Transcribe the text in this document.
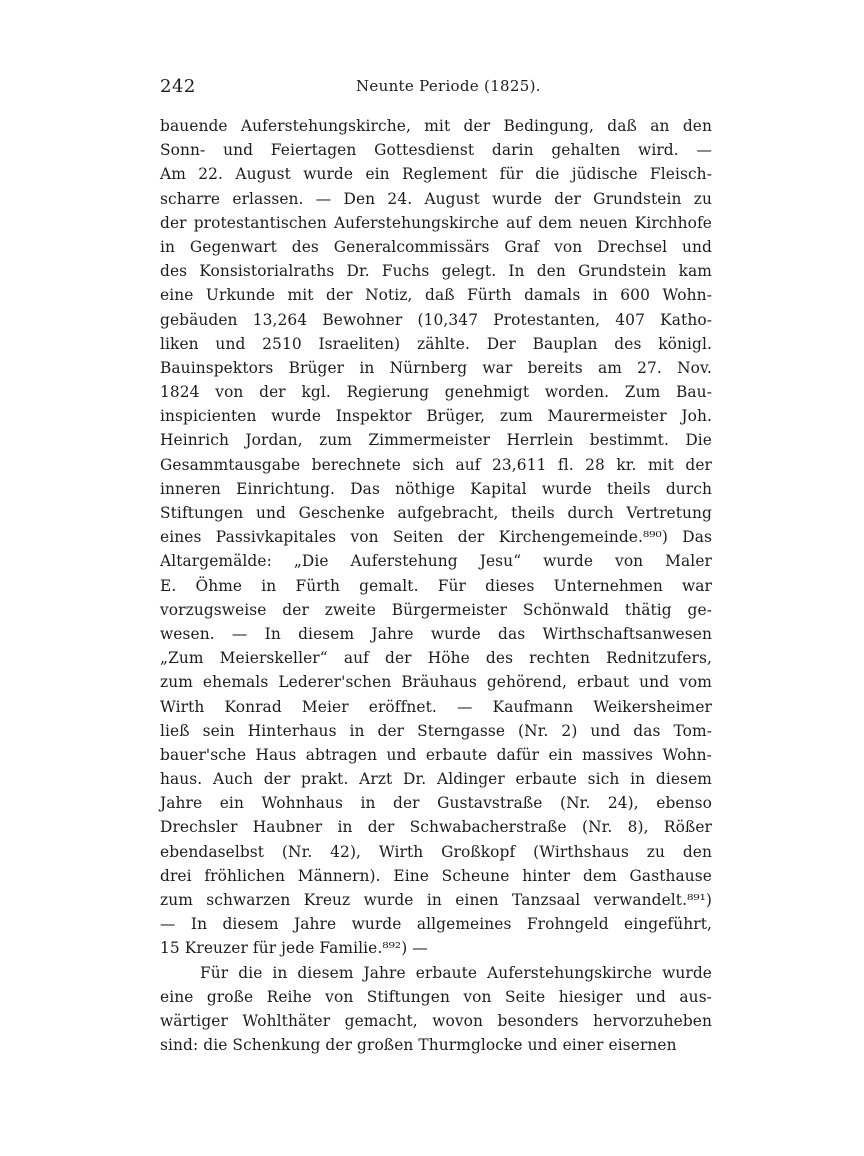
242	Neunte Periode (1825).
bauende Auferstehungskirche, mit der Bedingung, daß an den
Sonn- und Feiertagen Gottesdienst darin gehalten wird. —
Am 22. August wurde ein Reglement für die jüdische Fleisch-
scharre erlassen. — Den 24. August wurde der Grundstein zu
der protestantischen Auferstehungskirche auf dem neuen Kirchhofe
in Gegenwart des Generalcommissärs Graf von Drechsel und
des Konsistorialraths Dr. Fuchs gelegt. In den Grundstein kam
eine Urkunde mit der Notiz, daß Fürth damals in 600 Wohn-
gebäuden 13,264 Bewohner (10,347 Protestanten, 407 Katho-
liken und 2510 Israeliten) zählte. Der Bauplan des königl.
Bauinspektors Brüger in Nürnberg war bereits am 27. Nov.
1824 von der kgl. Regierung genehmigt worden. Zum Bau-
inspicienten wurde Inspektor Brüger, zum Maurermeister Joh.
Heinrich Jordan, zum Zimmermeister Herrlein bestimmt. Die
Gesammtausgabe berechnete sich auf 23,611 fl. 28 kr. mit der
inneren Einrichtung. Das nöthige Kapital wurde theils durch
Stiftungen und Geschenke aufgebracht, theils durch Vertretung
eines Passivkapitales von Seiten der Kirchengemeinde.⁸⁹⁰) Das
Altargemälde: „Die Auferstehung Jesu“ wurde von Maler
E. Öhme in Fürth gemalt. Für dieses Unternehmen war
vorzugsweise der zweite Bürgermeister Schönwald thätig ge-
wesen. — In diesem Jahre wurde das Wirthschaftsanwesen
„Zum Meierskeller“ auf der Höhe des rechten Rednitzufers,
zum ehemals Lederer'schen Bräuhaus gehörend, erbaut und vom
Wirth Konrad Meier eröffnet. — Kaufmann Weikersheimer
ließ sein Hinterhaus in der Sterngasse (Nr. 2) und das Tom-
bauer'sche Haus abtragen und erbaute dafür ein massives Wohn-
haus. Auch der prakt. Arzt Dr. Aldinger erbaute sich in diesem
Jahre ein Wohnhaus in der Gustavstraße (Nr. 24), ebenso
Drechsler Haubner in der Schwabacherstraße (Nr. 8), Rößer
ebendaselbst (Nr. 42), Wirth Großkopf (Wirthshaus zu den
drei fröhlichen Männern). Eine Scheune hinter dem Gasthause
zum schwarzen Kreuz wurde in einen Tanzsaal verwandelt.⁸⁹¹)
— In diesem Jahre wurde allgemeines Frohngeld eingeführt,
15 Kreuzer für jede Familie.⁸⁹²) —
Für die in diesem Jahre erbaute Auferstehungskirche wurde
eine große Reihe von Stiftungen von Seite hiesiger und aus-
wärtiger Wohlthäter gemacht, wovon besonders hervorzuheben
sind: die Schenkung der großen Thurmglocke und einer eisernen
